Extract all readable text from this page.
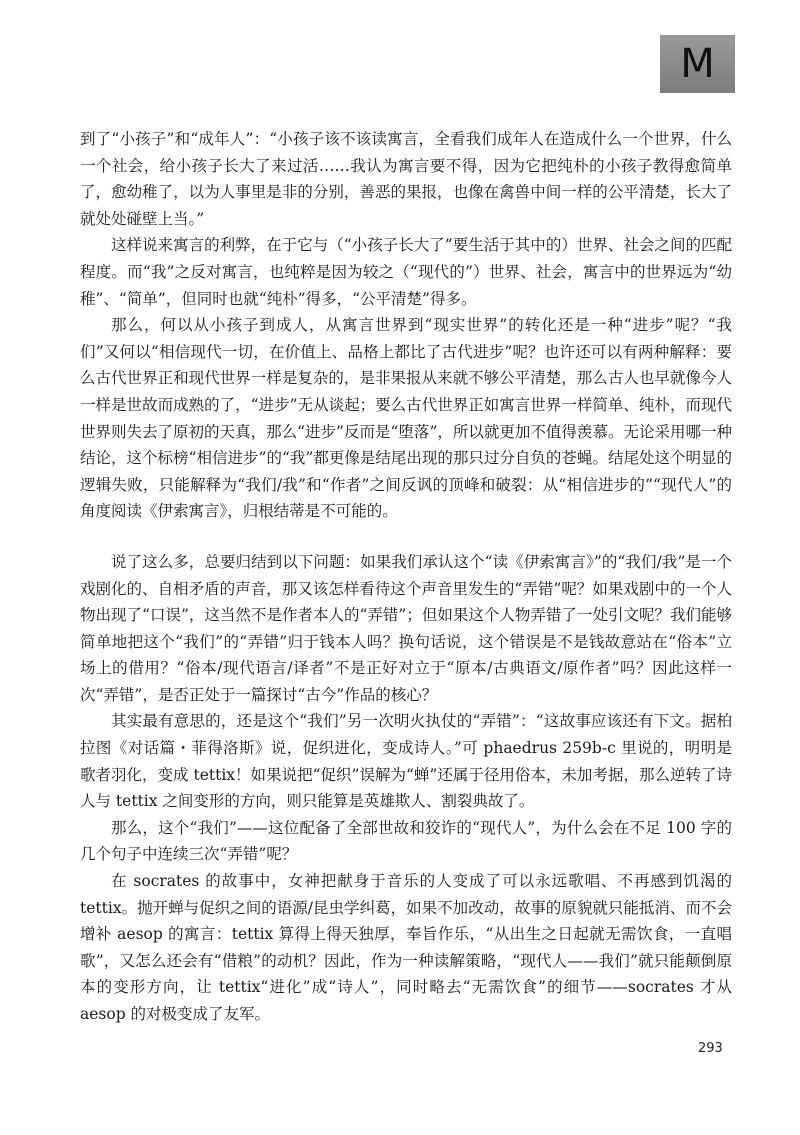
M

到了“小孩子”和“成年人”：“小孩子该不该读寓言，全看我们成年人在造成什么一个世界，什么一个社会，给小孩子长大了来过活……我认为寓言要不得，因为它把纯朴的小孩子教得愈简单了，愈幼稚了，以为人事里是非的分别，善恶的果报，也像在禽兽中间一样的公平清楚，长大了就处处碰壁上当。”

这样说来寓言的利弊，在于它与（“小孩子长大了”要生活于其中的）世界、社会之间的匹配程度。而“我”之反对寓言，也纯粹是因为较之（“现代的”）世界、社会，寓言中的世界远为“幼稚”、“简单”，但同时也就“纯朴”得多，“公平清楚”得多。

那么，何以从小孩子到成人，从寓言世界到“现实世界”的转化还是一种“进步”呢？“我们”又何以“相信现代一切，在价值上、品格上都比了古代进步”呢？也许还可以有两种解释：要么古代世界正和现代世界一样是复杂的，是非果报从来就不够公平清楚，那么古人也早就像今人一样是世故而成熟的了，“进步”无从谈起；要么古代世界正如寓言世界一样简单、纯朴，而现代世界则失去了原初的天真，那么“进步”反而是“堕落”，所以就更加不值得羡慕。无论采用哪一种结论，这个标榜“相信进步”的“我”都更像是结尾出现的那只过分自负的苍蝇。结尾处这个明显的逻辑失败，只能解释为“我们/我”和“作者”之间反讽的顶峰和破裂：从“相信进步的”“现代人”的角度阅读《伊索寓言》，归根结蒂是不可能的。

说了这么多，总要归结到以下问题：如果我们承认这个“读《伊索寓言》”的“我们/我”是一个戏剧化的、自相矛盾的声音，那又该怎样看待这个声音里发生的“弄错”呢？如果戏剧中的一个人物出现了“口误”，这当然不是作者本人的“弄错”；但如果这个人物弄错了一处引文呢？我们能够简单地把这个“我们”的“弄错”归于钱本人吗？换句话说，这个错误是不是钱故意站在“俗本”立场上的借用？“俗本/现代语言/译者”不是正好对立于“原本/古典语文/原作者”吗？因此这样一次“弄错”，是否正处于一篇探讨“古今”作品的核心？

其实最有意思的，还是这个“我们”另一次明火执仗的“弄错”：“这故事应该还有下文。据柏拉图《对话篇・菲得洛斯》说，促织进化，变成诗人。”可 phaedrus 259b-c 里说的，明明是歌者羽化，变成 tettix！如果说把“促织”误解为“蝉”还属于径用俗本，未加考据，那么逆转了诗人与 tettix 之间变形的方向，则只能算是英雄欺人、割裂典故了。

那么，这个“我们”——这位配备了全部世故和狡诈的“现代人”，为什么会在不足 100 字的几个句子中连续三次“弄错”呢？

在 socrates 的故事中，女神把献身于音乐的人变成了可以永远歌唱、不再感到饥渴的 tettix。抛开蝉与促织之间的语源/昆虫学纠葛，如果不加改动，故事的原貌就只能抵消、而不会增补 aesop 的寓言：tettix 算得上得天独厚，奉旨作乐，“从出生之日起就无需饮食，一直唱歌”，又怎么还会有“借粮”的动机？因此，作为一种读解策略，“现代人——我们”就只能颠倒原本的变形方向，让 tettix“进化”成“诗人”，同时略去“无需饮食”的细节——socrates 才从 aesop 的对极变成了友军。

293
